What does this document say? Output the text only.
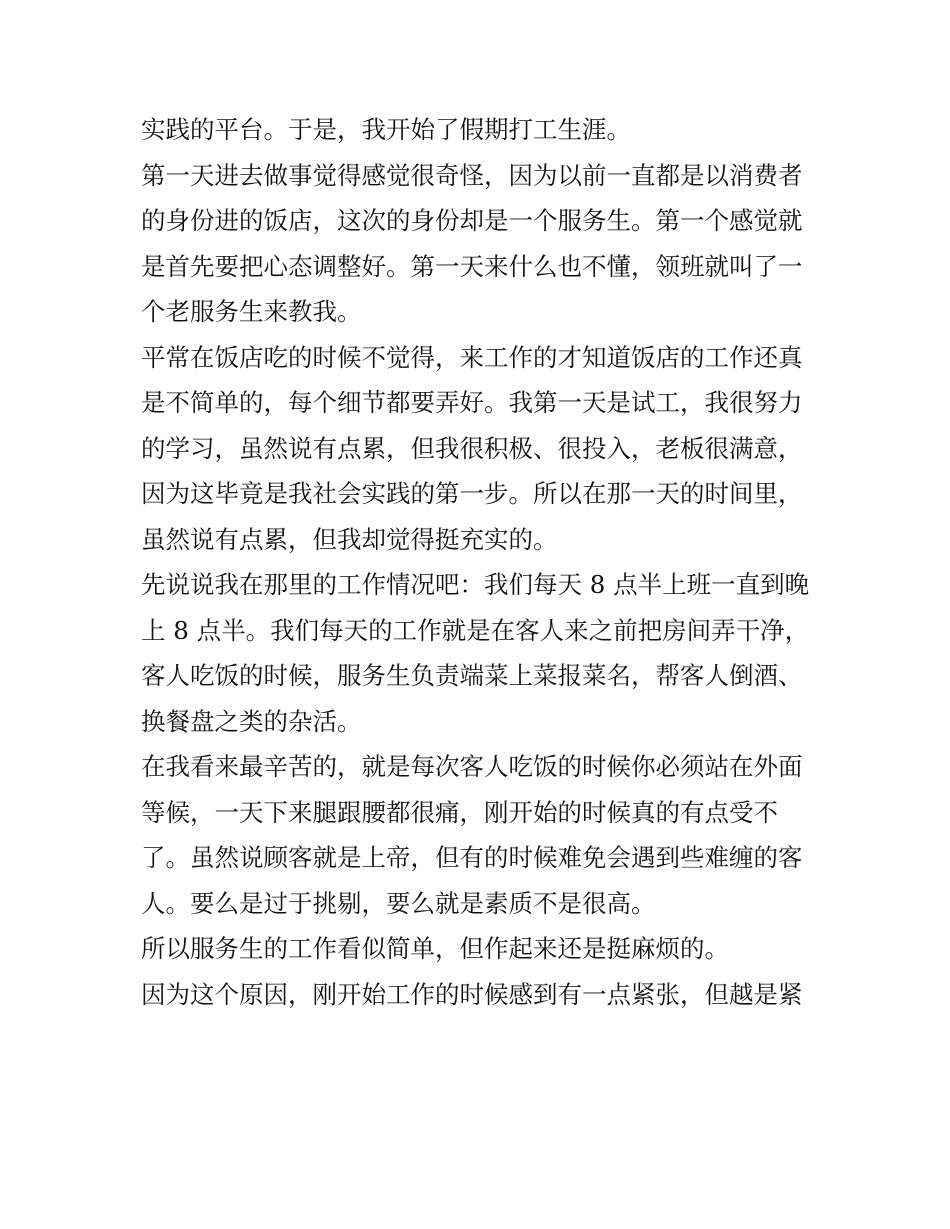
实践的平台。于是，我开始了假期打工生涯。
第一天进去做事觉得感觉很奇怪，因为以前一直都是以消费者
的身份进的饭店，这次的身份却是一个服务生。第一个感觉就
是首先要把心态调整好。第一天来什么也不懂，领班就叫了一
个老服务生来教我。
平常在饭店吃的时候不觉得，来工作的才知道饭店的工作还真
是不简单的，每个细节都要弄好。我第一天是试工，我很努力
的学习，虽然说有点累，但我很积极、很投入，老板很满意，
因为这毕竟是我社会实践的第一步。所以在那一天的时间里，
虽然说有点累，但我却觉得挺充实的。
先说说我在那里的工作情况吧：我们每天 8 点半上班一直到晚
上 8 点半。我们每天的工作就是在客人来之前把房间弄干净，
客人吃饭的时候，服务生负责端菜上菜报菜名，帮客人倒酒、
换餐盘之类的杂活。
在我看来最辛苦的，就是每次客人吃饭的时候你必须站在外面
等候，一天下来腿跟腰都很痛，刚开始的时候真的有点受不
了。虽然说顾客就是上帝，但有的时候难免会遇到些难缠的客
人。要么是过于挑剔，要么就是素质不是很高。
所以服务生的工作看似简单，但作起来还是挺麻烦的。
因为这个原因，刚开始工作的时候感到有一点紧张，但越是紧
